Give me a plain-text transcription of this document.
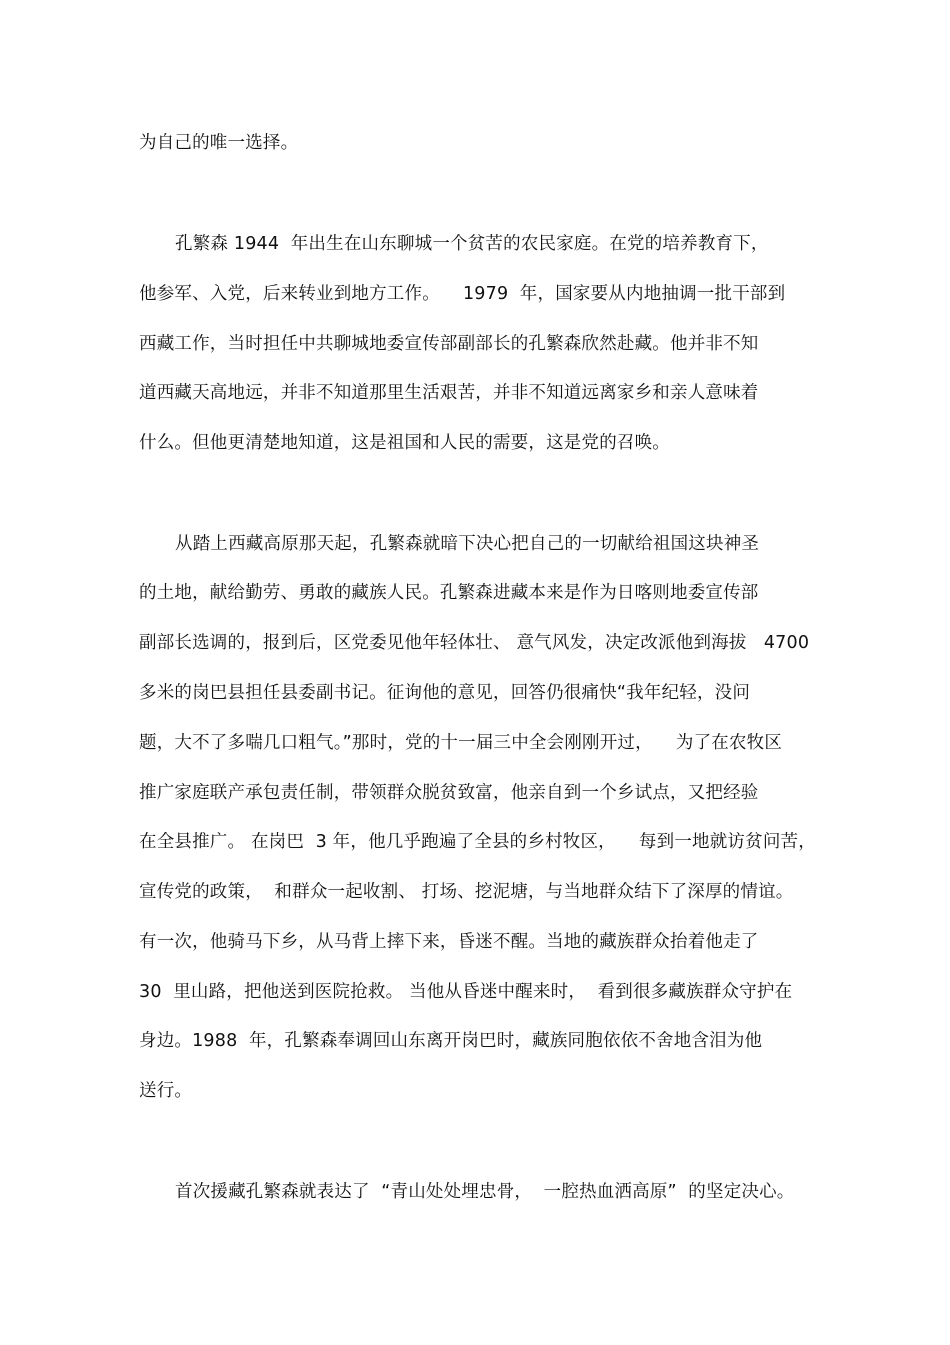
为自己的唯一选择。
孔繁森 1944  年出生在山东聊城一个贫苦的农民家庭。在党的培养教育下，
他参军、入党，后来转业到地方工作。    1979  年，国家要从内地抽调一批干部到
西藏工作，当时担任中共聊城地委宣传部副部长的孔繁森欣然赴藏。他并非不知
道西藏天高地远，并非不知道那里生活艰苦，并非不知道远离家乡和亲人意味着
什么。但他更清楚地知道，这是祖国和人民的需要，这是党的召唤。
从踏上西藏高原那天起，孔繁森就暗下决心把自己的一切献给祖国这块神圣
的土地，献给勤劳、勇敢的藏族人民。孔繁森进藏本来是作为日喀则地委宣传部
副部长选调的，报到后，区党委见他年轻体壮、 意气风发，决定改派他到海拔   4700
多米的岗巴县担任县委副书记。征询他的意见，回答仍很痛快“我年纪轻，没问
题，大不了多喘几口粗气。”那时，党的十一届三中全会刚刚开过，    为了在农牧区
推广家庭联产承包责任制，带领群众脱贫致富，他亲自到一个乡试点，又把经验
在全县推广。 在岗巴  3 年，他几乎跑遍了全县的乡村牧区，    每到一地就访贫问苦，
宣传党的政策，  和群众一起收割、 打场、挖泥塘，与当地群众结下了深厚的情谊。
有一次，他骑马下乡，从马背上摔下来，昏迷不醒。当地的藏族群众抬着他走了
30  里山路，把他送到医院抢救。 当他从昏迷中醒来时，  看到很多藏族群众守护在
身边。1988  年，孔繁森奉调回山东离开岗巴时，藏族同胞依依不舍地含泪为他
送行。
首次援藏孔繁森就表达了  “青山处处埋忠骨，  一腔热血洒高原”  的坚定决心。
